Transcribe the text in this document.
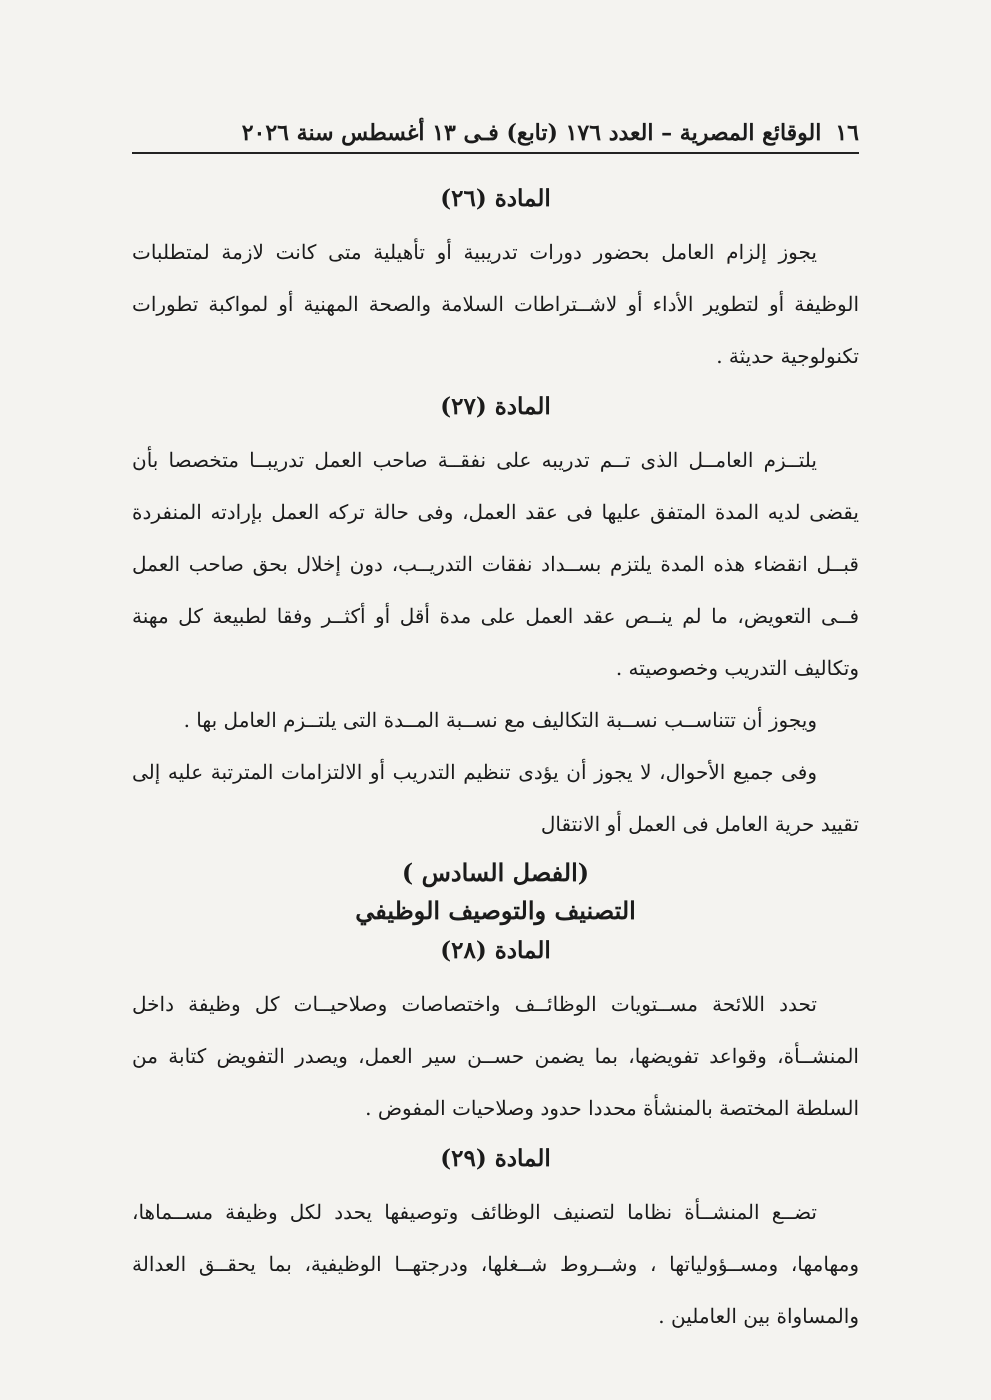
١٦
الوقائع المصرية – العدد ١٧٦ (تابع) فـى ١٣ أغسطس سنة ٢٠٢٦
المادة (٢٦)

يجوز إلزام العامل بحضور دورات تدريبية أو تأهيلية متى كانت لازمة لمتطلبات الوظيفة أو لتطوير الأداء أو لاشــتراطات السلامة والصحة المهنية أو لمواكبة تطورات تكنولوجية حديثة .

المادة (٢٧)

يلتــزم العامــل الذى تــم تدريبه على نفقــة صاحب العمل تدريبــا متخصصا بأن يقضى لديه المدة المتفق عليها فى عقد العمل، وفى حالة تركه العمل بإرادته المنفردة قبــل انقضاء هذه المدة يلتزم بســداد نفقات التدريــب، دون إخلال بحق صاحب العمل فــى التعويض، ما لم ينــص عقد العمل على مدة أقل أو أكثــر وفقا لطبيعة كل مهنة وتكاليف التدريب وخصوصيته .

ويجوز أن تتناســب نســبة التكاليف مع نســبة المــدة التى يلتــزم العامل بها .

وفى جميع الأحوال، لا يجوز أن يؤدى تنظيم التدريب أو الالتزامات المترتبة عليه إلى تقييد حرية العامل فى العمل أو الانتقال

(الفصل السادس )
التصنيف والتوصيف الوظيفي
المادة (٢٨)

تحدد اللائحة مســتويات الوظائــف واختصاصات وصلاحيــات كل وظيفة داخل المنشــأة، وقواعد تفويضها، بما يضمن حســن سير العمل، ويصدر التفويض كتابة من السلطة المختصة بالمنشأة محددا حدود وصلاحيات المفوض .

المادة (٢٩)

تضــع المنشــأة نظاما لتصنيف الوظائف وتوصيفها يحدد لكل وظيفة مســماها، ومهامها، ومســؤولياتها ، وشــروط شــغلها، ودرجتهــا الوظيفية، بما يحقــق العدالة والمساواة بين العاملين .
